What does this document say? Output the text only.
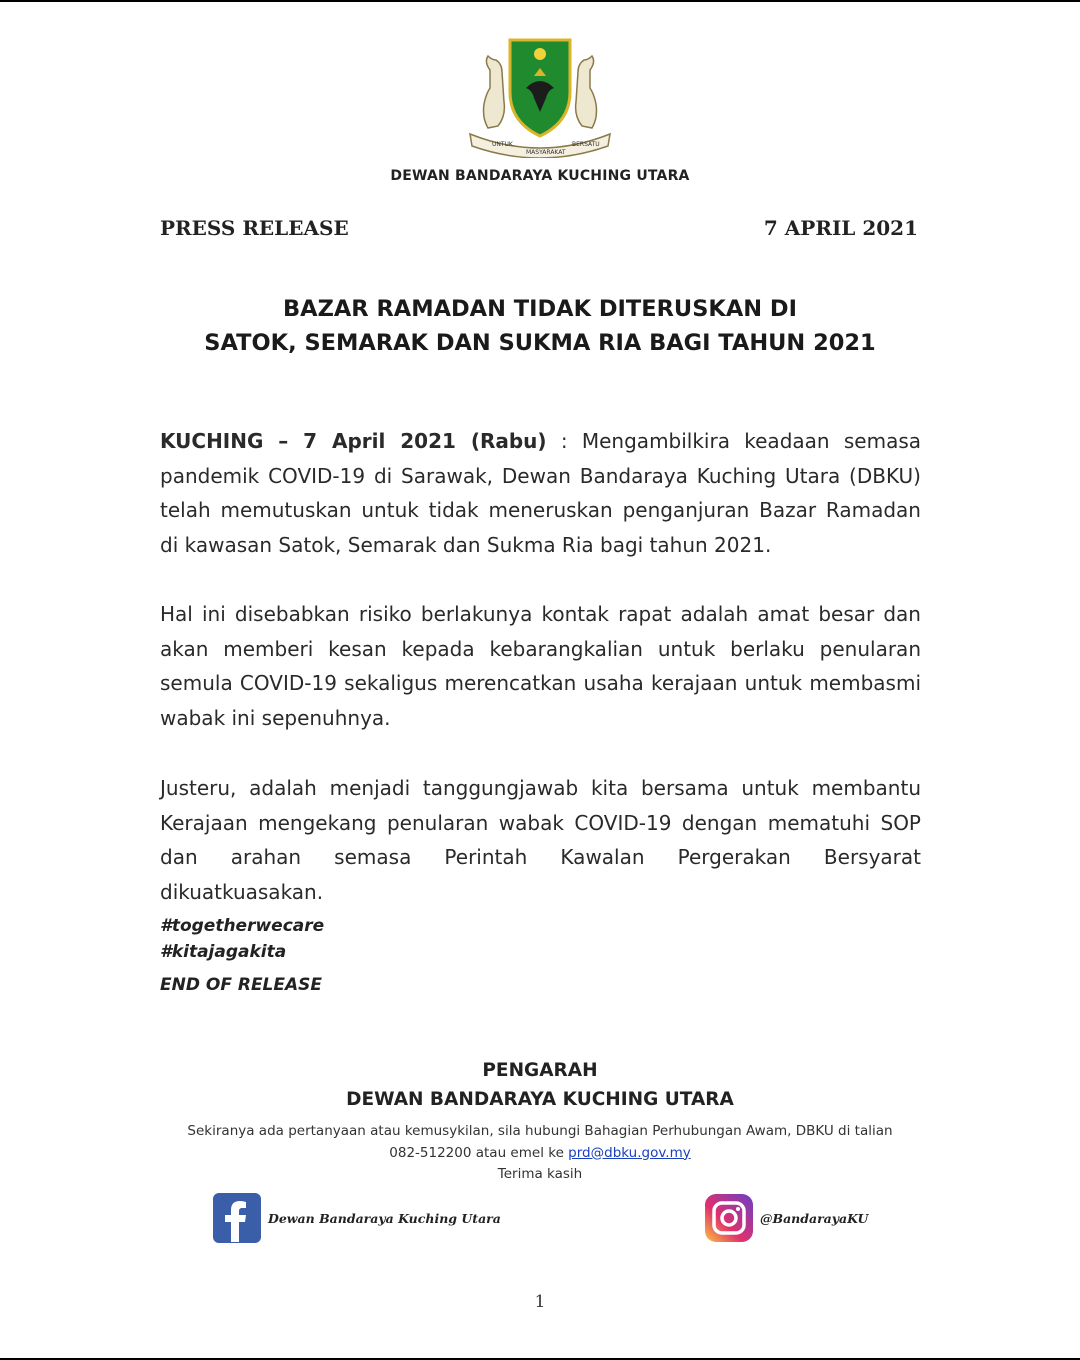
UNTUK
MASYARAKAT
BERSATU
DEWAN BANDARAYA KUCHING UTARA
PRESS RELEASE	7 APRIL 2021
BAZAR RAMADAN TIDAK DITERUSKAN DI
SATOK, SEMARAK DAN SUKMA RIA BAGI TAHUN 2021

KUCHING – 7 April 2021 (Rabu) : Mengambilkira keadaan semasa pandemik COVID-19 di Sarawak, Dewan Bandaraya Kuching Utara (DBKU) telah memutuskan untuk tidak meneruskan penganjuran Bazar Ramadan di kawasan Satok, Semarak dan Sukma Ria bagi tahun 2021.

Hal ini disebabkan risiko berlakunya kontak rapat adalah amat besar dan akan memberi kesan kepada kebarangkalian untuk berlaku penularan semula COVID-19 sekaligus merencatkan usaha kerajaan untuk membasmi wabak ini sepenuhnya.

Justeru, adalah menjadi tanggungjawab kita bersama untuk membantu Kerajaan mengekang penularan wabak COVID-19 dengan mematuhi SOP dan arahan semasa Perintah Kawalan Pergerakan Bersyarat dikuatkuasakan.

#togetherwecare
#kitajagakita
END OF RELEASE
PENGARAH
DEWAN BANDARAYA KUCHING UTARA
Sekiranya ada pertanyaan atau kemusykilan, sila hubungi Bahagian Perhubungan Awam, DBKU di talian
082-512200 atau emel ke prd@dbku.gov.my
Terima kasih
Dewan Bandaraya Kuching Utara	@BandarayaKU
1
